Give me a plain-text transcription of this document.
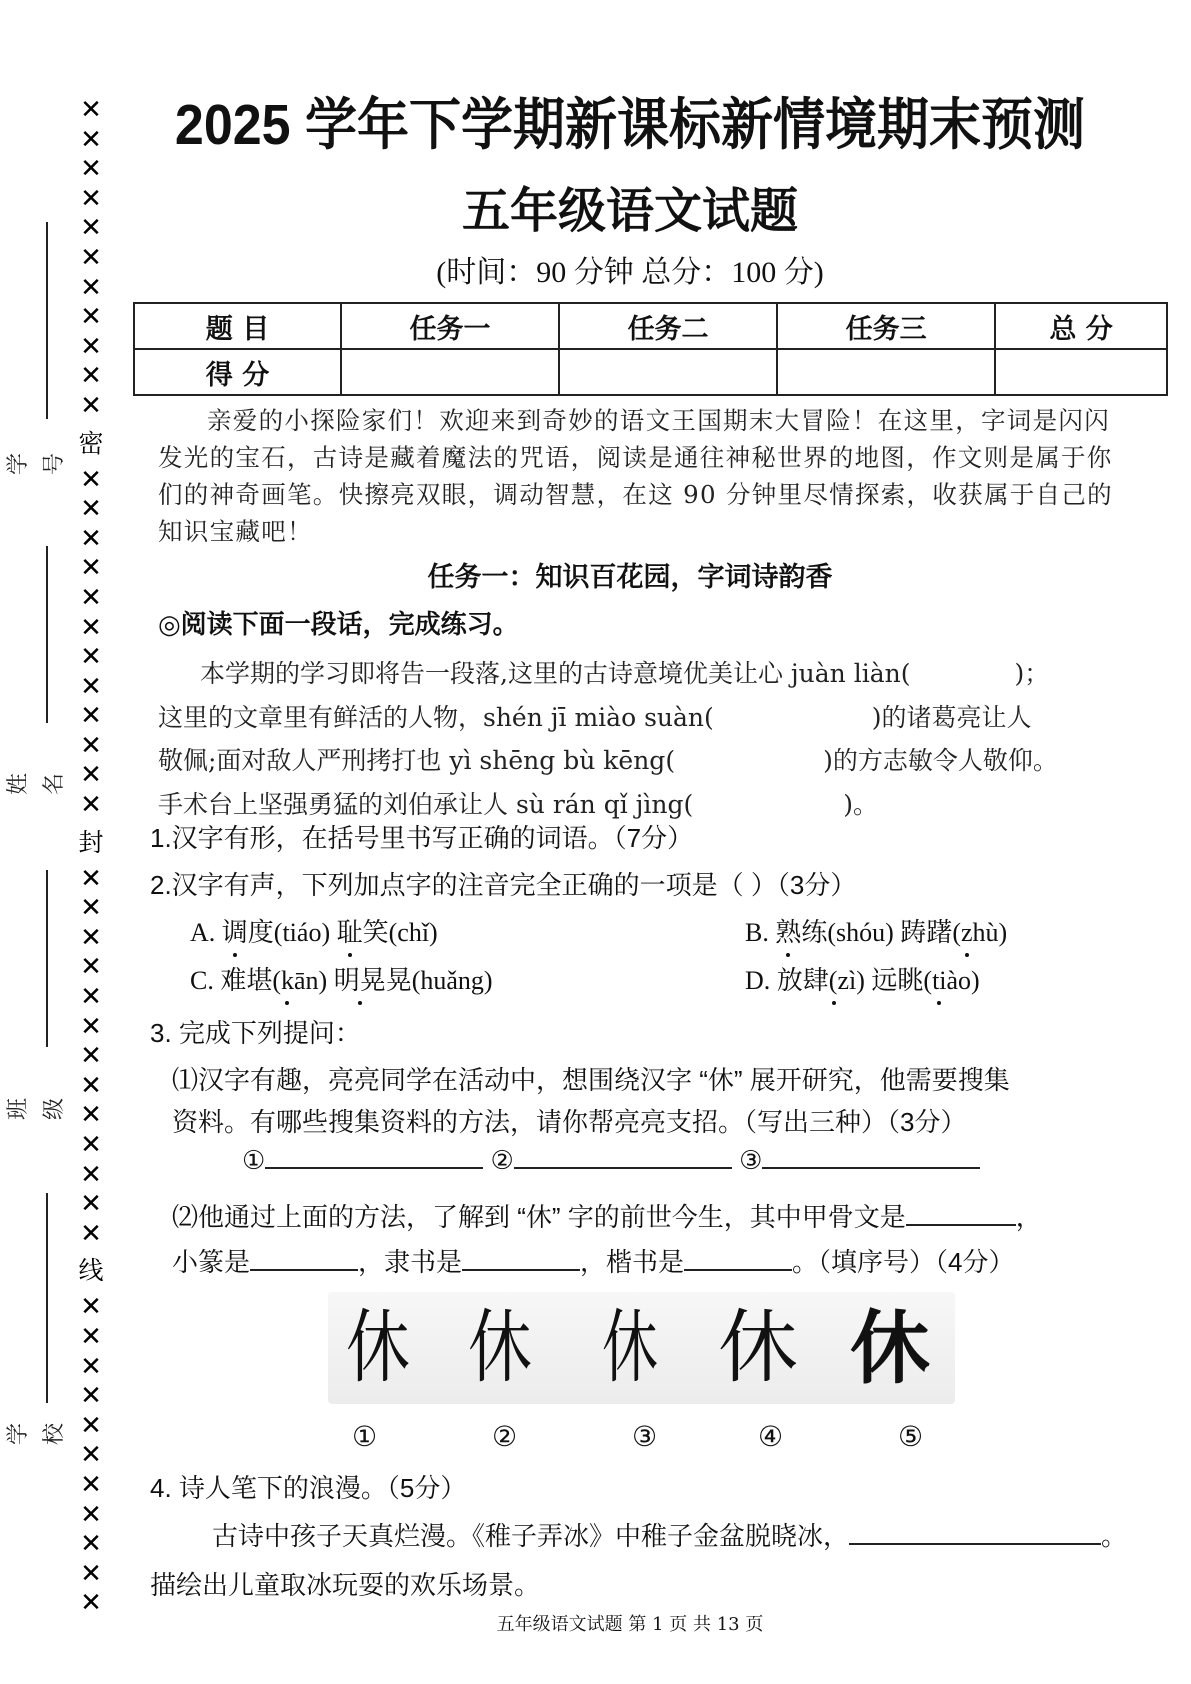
学号
姓名
班级
学校
✕
✕
✕
✕
✕
✕
✕
✕
✕
✕
✕
密
✕
✕
✕
✕
✕
✕
✕
✕
✕
✕
✕
✕
封
✕
✕
✕
✕
✕
✕
✕
✕
✕
✕
✕
✕
✕
线
✕
✕
✕
✕
✕
✕
✕
✕
✕
✕
✕
2025 学年下学期新课标新情境期末预测
五年级语文试题
(时间：90 分钟 总分：100 分)
题 目	任务一	任务二	任务三	总 分
得 分				

亲爱的小探险家们！欢迎来到奇妙的语文王国期末大冒险！在这里，字词是闪闪发光的宝石，古诗是藏着魔法的咒语，阅读是通往神秘世界的地图，作文则是属于你们的神奇画笔。快擦亮双眼，调动智慧，在这 90 分钟里尽情探索，收获属于自己的知识宝藏吧！

任务一：知识百花园，字词诗韵香
◎阅读下面一段话，完成练习。
本学期的学习即将告一段落,这里的古诗意境优美让心 juàn liàn(	)；
这里的文章里有鲜活的人物，shén jī miào suàn(	)的诸葛亮让人
敬佩;面对敌人严刑拷打也 yì shēng bù kēng(	)的方志敏令人敬仰。
手术台上坚强勇猛的刘伯承让人 sù rán qǐ jìng(	)。
1.汉字有形，在括号里书写正确的词语。（7分）
2.汉字有声，下列加点字的注音完全正确的一项是（ ）（3分）
A. 调度(tiáo) 耻笑(chǐ)	B. 熟练(shóu) 踌躇(zhù)
C. 难堪(kān) 明晃晃(huǎng)	D. 放肆(zì) 远眺(tiào)
3. 完成下列提问：
⑴汉字有趣，亮亮同学在活动中，想围绕汉字 “休” 展开研究，他需要搜集
资料。有哪些搜集资料的方法，请你帮亮亮支招。（写出三种）（3分）
①	②	③
⑵他通过上面的方法，了解到 “休” 字的前世今生，其中甲骨文是	，
小篆是	，隶书是	，楷书是	。（填序号）（4分）
休 休 休 休 休
①	②	③	④	⑤
4. 诗人笔下的浪漫。（5分）
古诗中孩子天真烂漫。《稚子弄冰》中稚子金盆脱晓冰，	。
描绘出儿童取冰玩耍的欢乐场景。
五年级语文试题 第 1 页 共 13 页
